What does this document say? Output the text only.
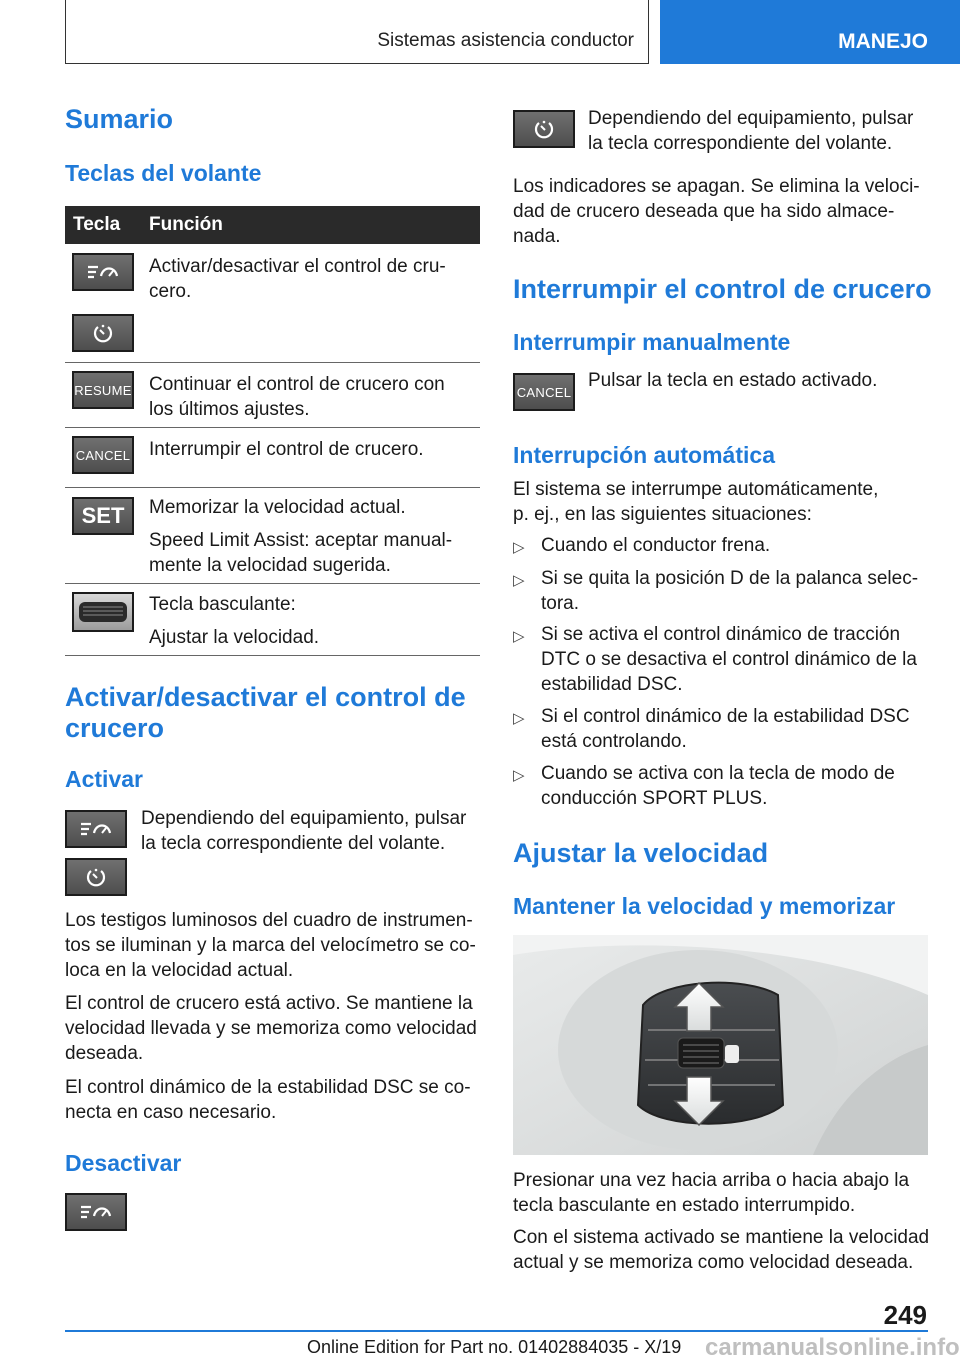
Sistemas asistencia conductor	MANEJO
Sumario
Teclas del volante
Tecla Función
Activar/desactivar el control de cru-
cero.
RESUME Continuar el control de crucero con
los últimos ajustes.
CANCEL Interrumpir el control de crucero.
SET Memorizar la velocidad actual.
Speed Limit Assist: aceptar manual-
mente la velocidad sugerida.
Tecla basculante:
Ajustar la velocidad.
Activar/desactivar el control de
crucero
Activar
Dependiendo del equipamiento, pulsar
la tecla correspondiente del volante.
Los testigos luminosos del cuadro de instrumen-
tos se iluminan y la marca del velocímetro se co-
loca en la velocidad actual.
El control de crucero está activo. Se mantiene la
velocidad llevada y se memoriza como velocidad
deseada.
El control dinámico de la estabilidad DSC se co-
necta en caso necesario.
Desactivar
Dependiendo del equipamiento, pulsar
la tecla correspondiente del volante.
Los indicadores se apagan. Se elimina la veloci-
dad de crucero deseada que ha sido almace-
nada.
Interrumpir el control de crucero
Interrumpir manualmente
CANCEL
Pulsar la tecla en estado activado.
Interrupción automática
El sistema se interrumpe automáticamente,
p. ej., en las siguientes situaciones:
▷ Cuando el conductor frena.
▷ Si se quita la posición D de la palanca selec-
tora.
▷ Si se activa el control dinámico de tracción
DTC o se desactiva el control dinámico de la
estabilidad DSC.
▷ Si el control dinámico de la estabilidad DSC
está controlando.
▷ Cuando se activa con la tecla de modo de
conducción SPORT PLUS.
Ajustar la velocidad
Mantener la velocidad y memorizar
Presionar una vez hacia arriba o hacia abajo la
tecla basculante en estado interrumpido.
Con el sistema activado se mantiene la velocidad
actual y se memoriza como velocidad deseada.
249
Online Edition for Part no. 01402884035 - X/19 carmanualsonline.info
